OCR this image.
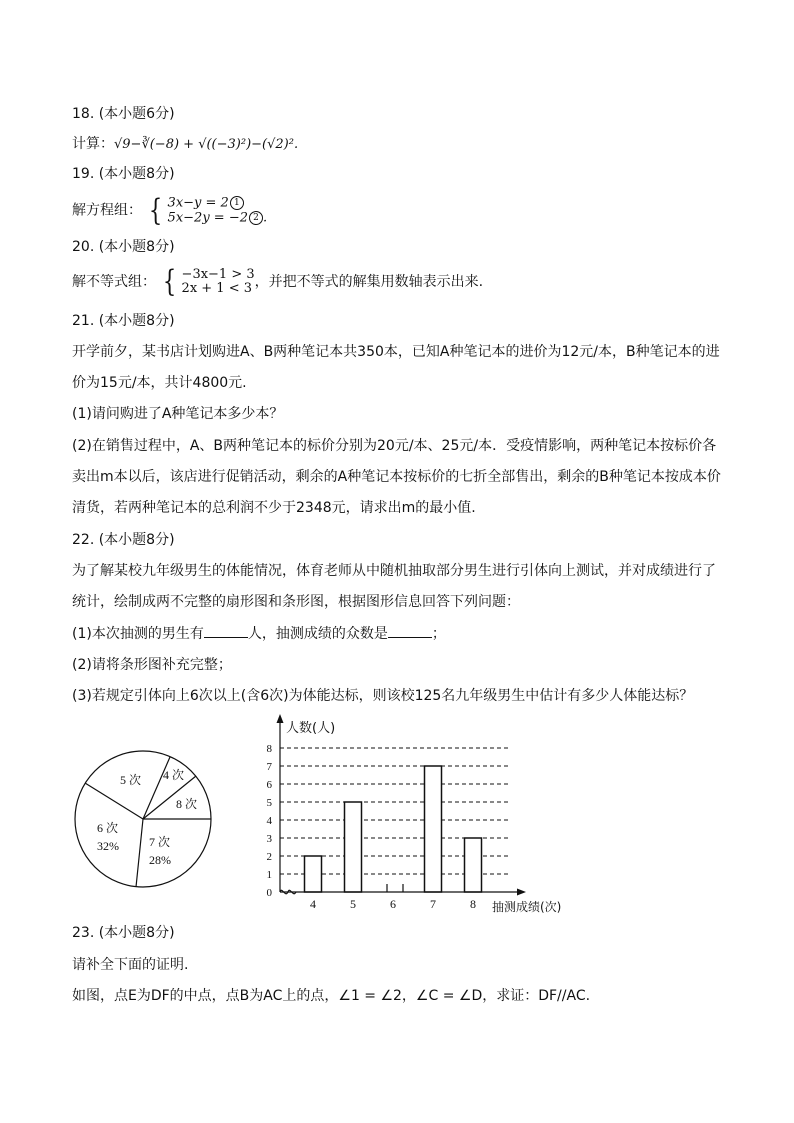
18. (本小题6分)
计算：√9−∛(−8) + √((−3)²)−(√2)².
19. (本小题8分)
解方程组： { 3x−y = 2 1
5x−2y = −2 2 .
20. (本小题8分)
解不等式组： { −3x−1 > 3
2x + 1 < 3 ，并把不等式的解集用数轴表示出来.
21. (本小题8分)
开学前夕，某书店计划购进A、B两种笔记本共350本，已知A种笔记本的进价为12元/本，B种笔记本的进
价为15元/本，共计4800元.
(1)请问购进了A种笔记本多少本？
(2)在销售过程中，A、B两种笔记本的标价分别为20元/本、25元/本．受疫情影响，两种笔记本按标价各
卖出m本以后，该店进行促销活动，剩余的A种笔记本按标价的七折全部售出，剩余的B种笔记本按成本价
清货，若两种笔记本的总利润不少于2348元，请求出m的最小值.
22. (本小题8分)
为了解某校九年级男生的体能情况，体育老师从中随机抽取部分男生进行引体向上测试，并对成绩进行了
统计，绘制成两不完整的扇形图和条形图，根据图形信息回答下列问题：
(1)本次抽测的男生有	人，抽测成绩的众数是	；
(2)请将条形图补充完整；
(3)若规定引体向上6次以上(含6次)为体能达标，则该校125名九年级男生中估计有多少人体能达标？
5 次 4 次
8 次
7 次
28%
6 次
32%
0
1
2
3
4
5
6
7
8
4	5	6	7	8
人数(人)
抽测成绩(次)
23. (本小题8分)
请补全下面的证明.
如图，点E为DF的中点，点B为AC上的点，∠1 = ∠2，∠C = ∠D，求证：DF//AC.
